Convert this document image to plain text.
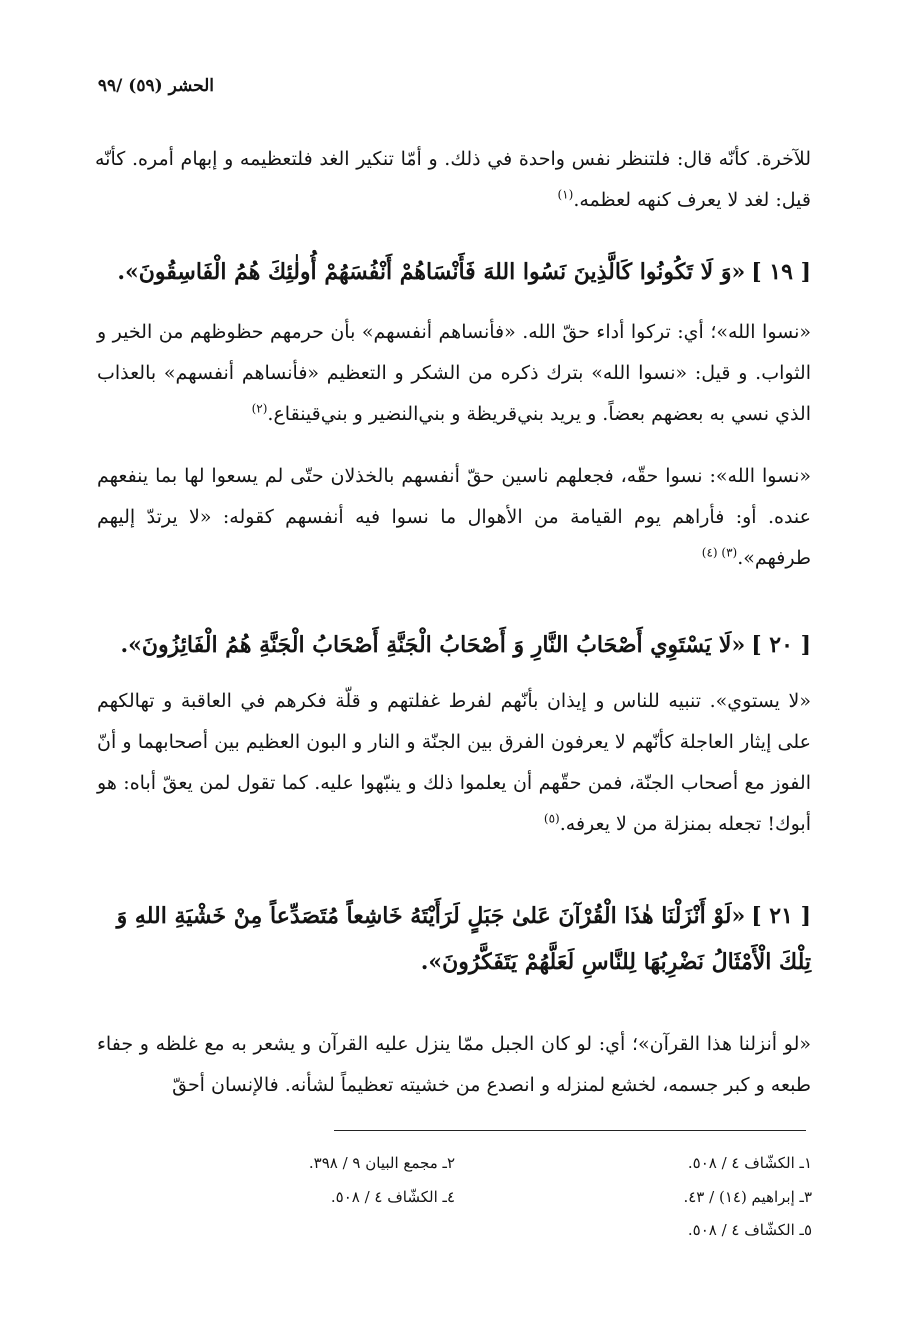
الحشر (٥٩) /٩٩
للآخرة. كأنّه قال: فلتنظر نفس واحدة في ذلك. و أمّا تنكير الغد فلتعظيمه و إبهام أمره. كأنّه قيل: لغد لا يعرف كنهه لعظمه.$^{(١)}$
[ ١٩ ]«وَ لَا تَكُونُوا كَالَّذِينَ نَسُوا اللهَ فَأَنْسَاهُمْ أَنْفُسَهُمْ أُولٰئِكَ هُمُ الْفَاسِقُونَ».
«نسوا الله»؛ أي: تركوا أداء حقّ الله. «فأنساهم أنفسهم» بأن حرمهم حظوظهم من الخير و الثواب. و قيل: «نسوا الله» بترك ذكره من الشكر و التعظيم «فأنساهم أنفسهم» بالعذاب الذي نسي به بعضهم بعضاً. و يريد بني‌قريظة و بني‌النضير و بني‌قينقاع.$^{(٢)}$
«نسوا الله»: نسوا حقّه، فجعلهم ناسين حقّ أنفسهم بالخذلان حتّى لم يسعوا لها بما ينفعهم عنده. أو: فأراهم يوم القيامة من الأهوال ما نسوا فيه أنفسهم كقوله: «لا يرتدّ إليهم طرفهم».$^{(٣) (٤)}$
[ ٢٠ ]«لَا يَسْتَوِي أَصْحَابُ النَّارِ وَ أَصْحَابُ الْجَنَّةِ أَصْحَابُ الْجَنَّةِ هُمُ الْفَائِزُونَ».
«لا يستوي». تنبيه للناس و إيذان بأنّهم لفرط غفلتهم و قلّة فكرهم في العاقبة و تهالكهم على إيثار العاجلة كأنّهم لا يعرفون الفرق بين الجنّة و النار و البون العظيم بين أصحابهما و أنّ الفوز مع أصحاب الجنّة، فمن حقّهم أن يعلموا ذلك و ينبّهوا عليه. كما تقول لمن يعقّ أباه: هو أبوك! تجعله بمنزلة من لا يعرفه.$^{(٥)}$
[ ٢١ ]«لَوْ أَنْزَلْنَا هٰذَا الْقُرْآنَ عَلىٰ جَبَلٍ لَرَأَيْتَهُ خَاشِعاً مُتَصَدِّعاً مِنْ خَشْيَةِ اللهِ وَ تِلْكَ الْأَمْثَالُ نَضْرِبُهَا لِلنَّاسِ لَعَلَّهُمْ يَتَفَكَّرُونَ».
«لو أنزلنا هذا القرآن»؛ أي: لو كان الجبل ممّا ينزل عليه القرآن و يشعر به مع غلظه و جفاء طبعه و كبر جسمه، لخشع لمنزله و انصدع من خشيته تعظيماً لشأنه. فالإنسان أحقّ
١ـ الكشّاف ٤ / ٥٠٨.
٢ـ مجمع البيان ٩ / ٣٩٨.
٣ـ إبراهيم (١٤) / ٤٣.
٤ـ الكشّاف ٤ / ٥٠٨.
٥ـ الكشّاف ٤ / ٥٠٨.
